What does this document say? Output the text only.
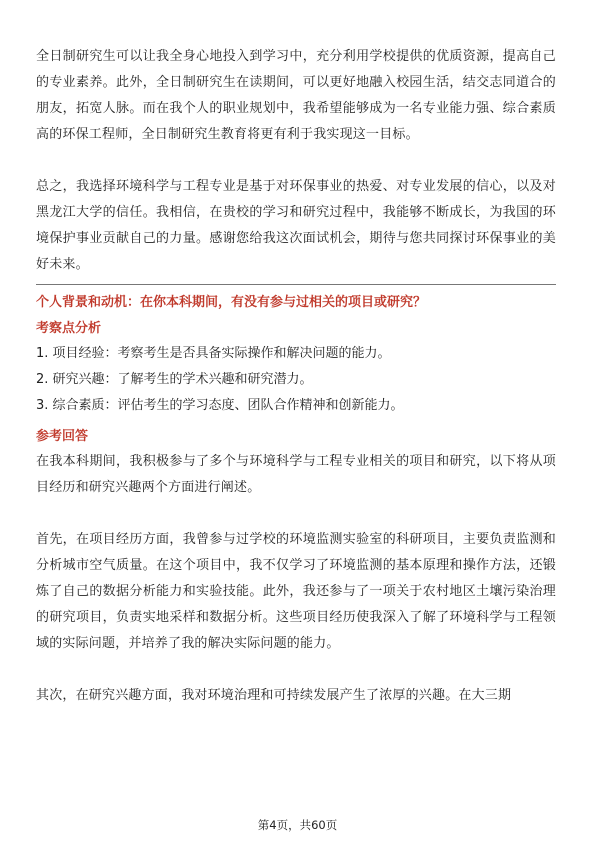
全日制研究生可以让我全身心地投入到学习中，充分利用学校提供的优质资源，提高自己的专业素养。此外，全日制研究生在读期间，可以更好地融入校园生活，结交志同道合的朋友，拓宽人脉。而在我个人的职业规划中，我希望能够成为一名专业能力强、综合素质高的环保工程师，全日制研究生教育将更有利于我实现这一目标。

总之，我选择环境科学与工程专业是基于对环保事业的热爱、对专业发展的信心，以及对黑龙江大学的信任。我相信，在贵校的学习和研究过程中，我能够不断成长，为我国的环境保护事业贡献自己的力量。感谢您给我这次面试机会，期待与您共同探讨环保事业的美好未来。

个人背景和动机：在你本科期间，有没有参与过相关的项目或研究？
考察点分析
1. 项目经验：考察考生是否具备实际操作和解决问题的能力。
2. 研究兴趣：了解考生的学术兴趣和研究潜力。
3. 综合素质：评估考生的学习态度、团队合作精神和创新能力。
参考回答

在我本科期间，我积极参与了多个与环境科学与工程专业相关的项目和研究，以下将从项目经历和研究兴趣两个方面进行阐述。

首先，在项目经历方面，我曾参与过学校的环境监测实验室的科研项目，主要负责监测和分析城市空气质量。在这个项目中，我不仅学习了环境监测的基本原理和操作方法，还锻炼了自己的数据分析能力和实验技能。此外，我还参与了一项关于农村地区土壤污染治理的研究项目，负责实地采样和数据分析。这些项目经历使我深入了解了环境科学与工程领域的实际问题，并培养了我的解决实际问题的能力。

其次，在研究兴趣方面，我对环境治理和可持续发展产生了浓厚的兴趣。在大三期

第4页，共60页
